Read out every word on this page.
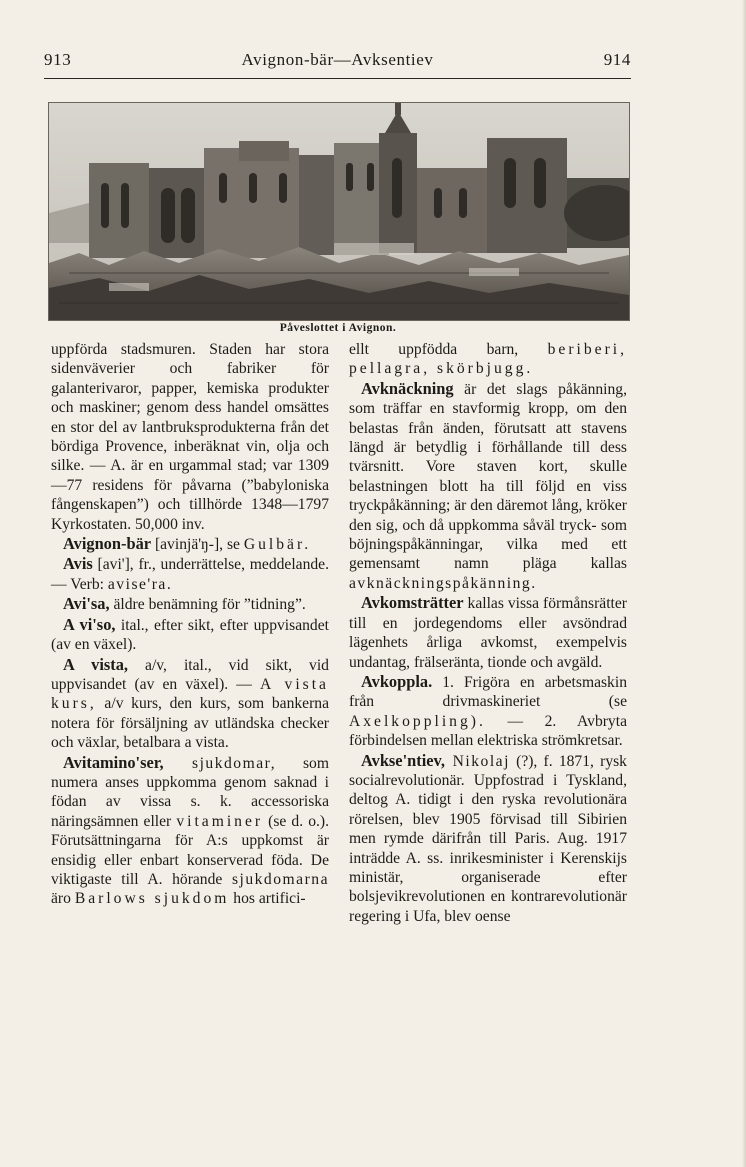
913	Avignon-bär—Avksentiev	914
Påveslottet i Avignon.

uppförda stadsmuren. Staden har stora sidenväverier och fabriker för galanterivaror, papper, kemiska produkter och maskiner; genom dess handel omsättes en stor del av lantbruksprodukterna från det bördiga Provence, inberäknat vin, olja och silke. — A. är en urgammal stad; var 1309—77 residens för påvarna (”babyloniska fångenskapen”) och tillhörde 1348—1797 Kyrkostaten. 50,000 inv.

Avignon-bär [avinjä'ŋ-], se Gulbär.

Avis [avi'], fr., underrättelse, meddelande. — Verb: avise'ra.

Avi'sa, äldre benämning för ”tidning”.

A vi'so, ital., efter sikt, efter uppvisandet (av en växel).

A vista, a/v, ital., vid sikt, vid uppvisandet (av en växel). — A vista kurs, a/v kurs, den kurs, som bankerna notera för försäljning av utländska checker och växlar, betalbara a vista.

Avitamino'ser, sjukdomar, som numera anses uppkomma genom saknad i födan av vissa s. k. accessoriska näringsämnen eller vitaminer (se d. o.). Förutsättningarna för A:s uppkomst är ensidig eller enbart konserverad föda. De viktigaste till A. hörande sjukdomarna äro Barlows sjukdom hos artifici-

ellt uppfödda barn, beriberi, pellagra, skörbjugg.

Avknäckning är det slags påkänning, som träffar en stavformig kropp, om den belastas från änden, förutsatt att stavens längd är betydlig i förhållande till dess tvärsnitt. Vore staven kort, skulle belastningen blott ha till följd en viss tryckpåkänning; är den däremot lång, kröker den sig, och då uppkomma såväl tryck- som böjningspåkänningar, vilka med ett gemensamt namn pläga kallas avknäckningspåkänning.

Avkomsträtter kallas vissa förmånsrätter till en jordegendoms eller avsöndrad lägenhets årliga avkomst, exempelvis undantag, frälseränta, tionde och avgäld.

Avkoppla. 1. Frigöra en arbetsmaskin från drivmaskineriet (se Axelkoppling). — 2. Avbryta förbindelsen mellan elektriska strömkretsar.

Avkse'ntiev, Nikolaj (?), f. 1871, rysk socialrevolutionär. Uppfostrad i Tyskland, deltog A. tidigt i den ryska revolutionära rörelsen, blev 1905 förvisad till Sibirien men rymde därifrån till Paris. Aug. 1917 inträdde A. ss. inrikesminister i Kerenskijs ministär, organiserade efter bolsjevikrevolutionen en kontrarevolutionär regering i Ufa, blev oense
